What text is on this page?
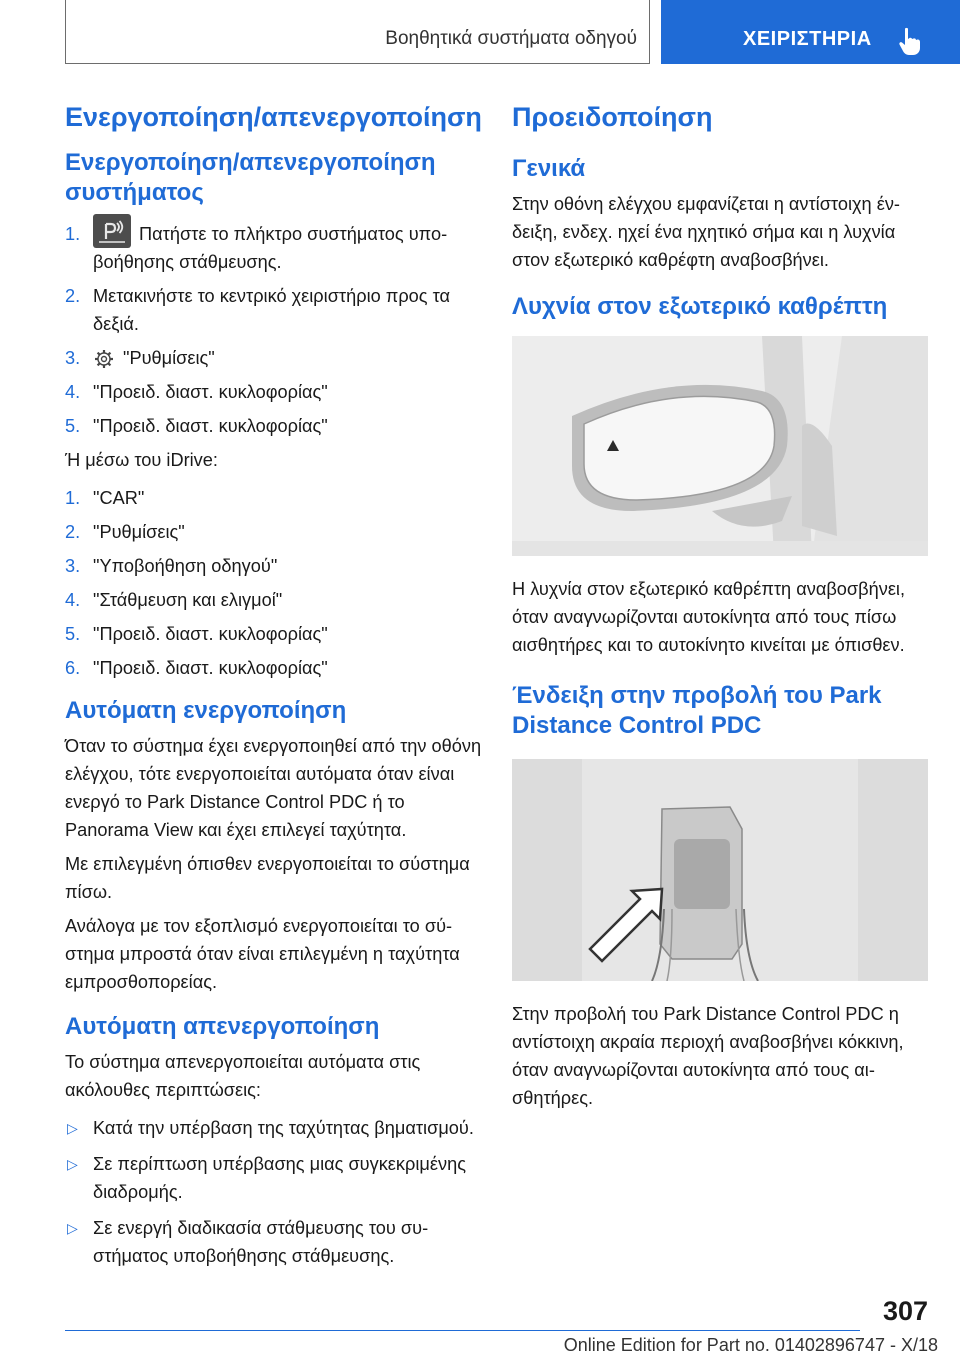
Βοηθητικά συστήματα οδηγού	ΧΕΙΡΙΣΤΗΡΙΑ
Ενεργοποίηση/απενεργοποίηση
Ενεργοποίηση/απενεργοποίηση συστήματος
1.	Πατήστε το πλήκτρο συστήματος υποβοήθησης στάθμευσης.
2. Μετακινήστε το κεντρικό χειριστήριο προς τα δεξιά.
3. "Ρυθμίσεις"
4. "Προειδ. διαστ. κυκλοφορίας"
5. "Προειδ. διαστ. κυκλοφορίας"

Ή μέσω του iDrive:

1. "CAR"
2. "Ρυθμίσεις"
3. "Υποβοήθηση οδηγού"
4. "Στάθμευση και ελιγμοί"
5. "Προειδ. διαστ. κυκλοφορίας"
6. "Προειδ. διαστ. κυκλοφορίας"
Αυτόματη ενεργοποίηση

Όταν το σύστημα έχει ενεργοποιηθεί από την οθόνη ελέγχου, τότε ενεργοποιείται αυτόματα όταν είναι ενεργό το Park Distance Control PDC ή το Panorama View και έχει επιλεγεί ταχύτητα.

Με επιλεγμένη όπισθεν ενεργοποιείται το σύστημα πίσω.

Ανάλογα με τον εξοπλισμό ενεργοποιείται το σύστημα μπροστά όταν είναι επιλεγμένη η ταχύτητα εμπροσθοπορείας.

Αυτόματη απενεργοποίηση

Το σύστημα απενεργοποιείται αυτόματα στις ακόλουθες περιπτώσεις:

▷ Κατά την υπέρβαση της ταχύτητας βηματισμού.
▷ Σε περίπτωση υπέρβασης μιας συγκεκριμένης διαδρομής.
▷ Σε ενεργή διαδικασία στάθμευσης του συστήματος υποβοήθησης στάθμευσης.
Προειδοποίηση
Γενικά

Στην οθόνη ελέγχου εμφανίζεται η αντίστοιχη ένδειξη, ενδεχ. ηχεί ένα ηχητικό σήμα και η λυχνία στον εξωτερικό καθρέφτη αναβοσβήνει.

Λυχνία στον εξωτερικό καθρέπτη

Η λυχνία στον εξωτερικό καθρέπτη αναβοσβήνει, όταν αναγνωρίζονται αυτοκίνητα από τους πίσω αισθητήρες και το αυτοκίνητο κινείται με όπισθεν.

Ένδειξη στην προβολή του Park Distance Control PDC

Στην προβολή του Park Distance Control PDC η αντίστοιχη ακραία περιοχή αναβοσβήνει κόκκινη, όταν αναγνωρίζονται αυτοκίνητα από τους αισθητήρες.

307
Online Edition for Part no. 01402896747 - X/18
